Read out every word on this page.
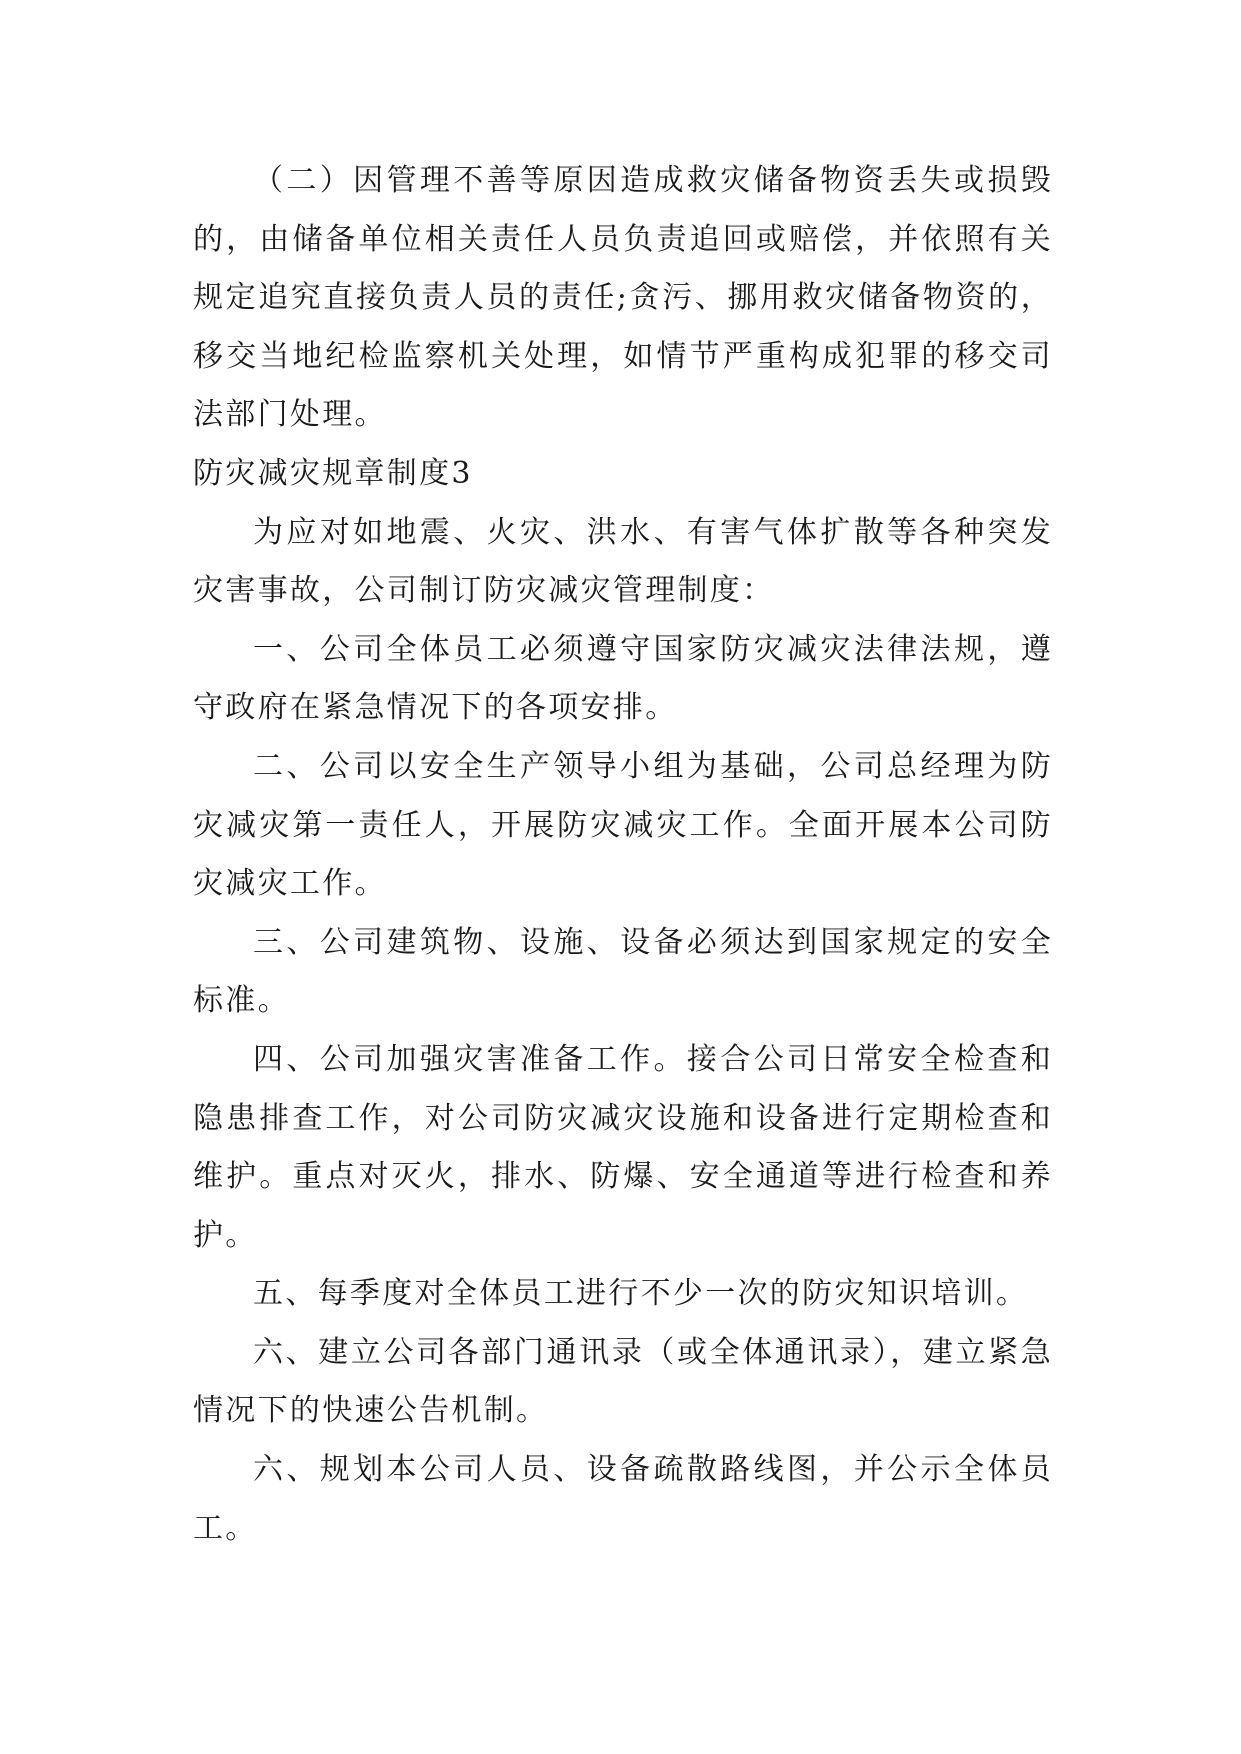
（二）因管理不善等原因造成救灾储备物资丢失或损毁的，由储备单位相关责任人员负责追回或赔偿，并依照有关规定追究直接负责人员的责任;贪污、挪用救灾储备物资的，移交当地纪检监察机关处理，如情节严重构成犯罪的移交司法部门处理。

防灾减灾规章制度3

为应对如地震、火灾、洪水、有害气体扩散等各种突发灾害事故，公司制订防灾减灾管理制度：

一、公司全体员工必须遵守国家防灾减灾法律法规，遵守政府在紧急情况下的各项安排。

二、公司以安全生产领导小组为基础，公司总经理为防灾减灾第一责任人，开展防灾减灾工作。全面开展本公司防灾减灾工作。

三、公司建筑物、设施、设备必须达到国家规定的安全标准。

四、公司加强灾害准备工作。接合公司日常安全检查和隐患排查工作，对公司防灾减灾设施和设备进行定期检查和维护。重点对灭火，排水、防爆、安全通道等进行检查和养护。

五、每季度对全体员工进行不少一次的防灾知识培训。

六、建立公司各部门通讯录（或全体通讯录），建立紧急情况下的快速公告机制。

六、规划本公司人员、设备疏散路线图，并公示全体员工。
